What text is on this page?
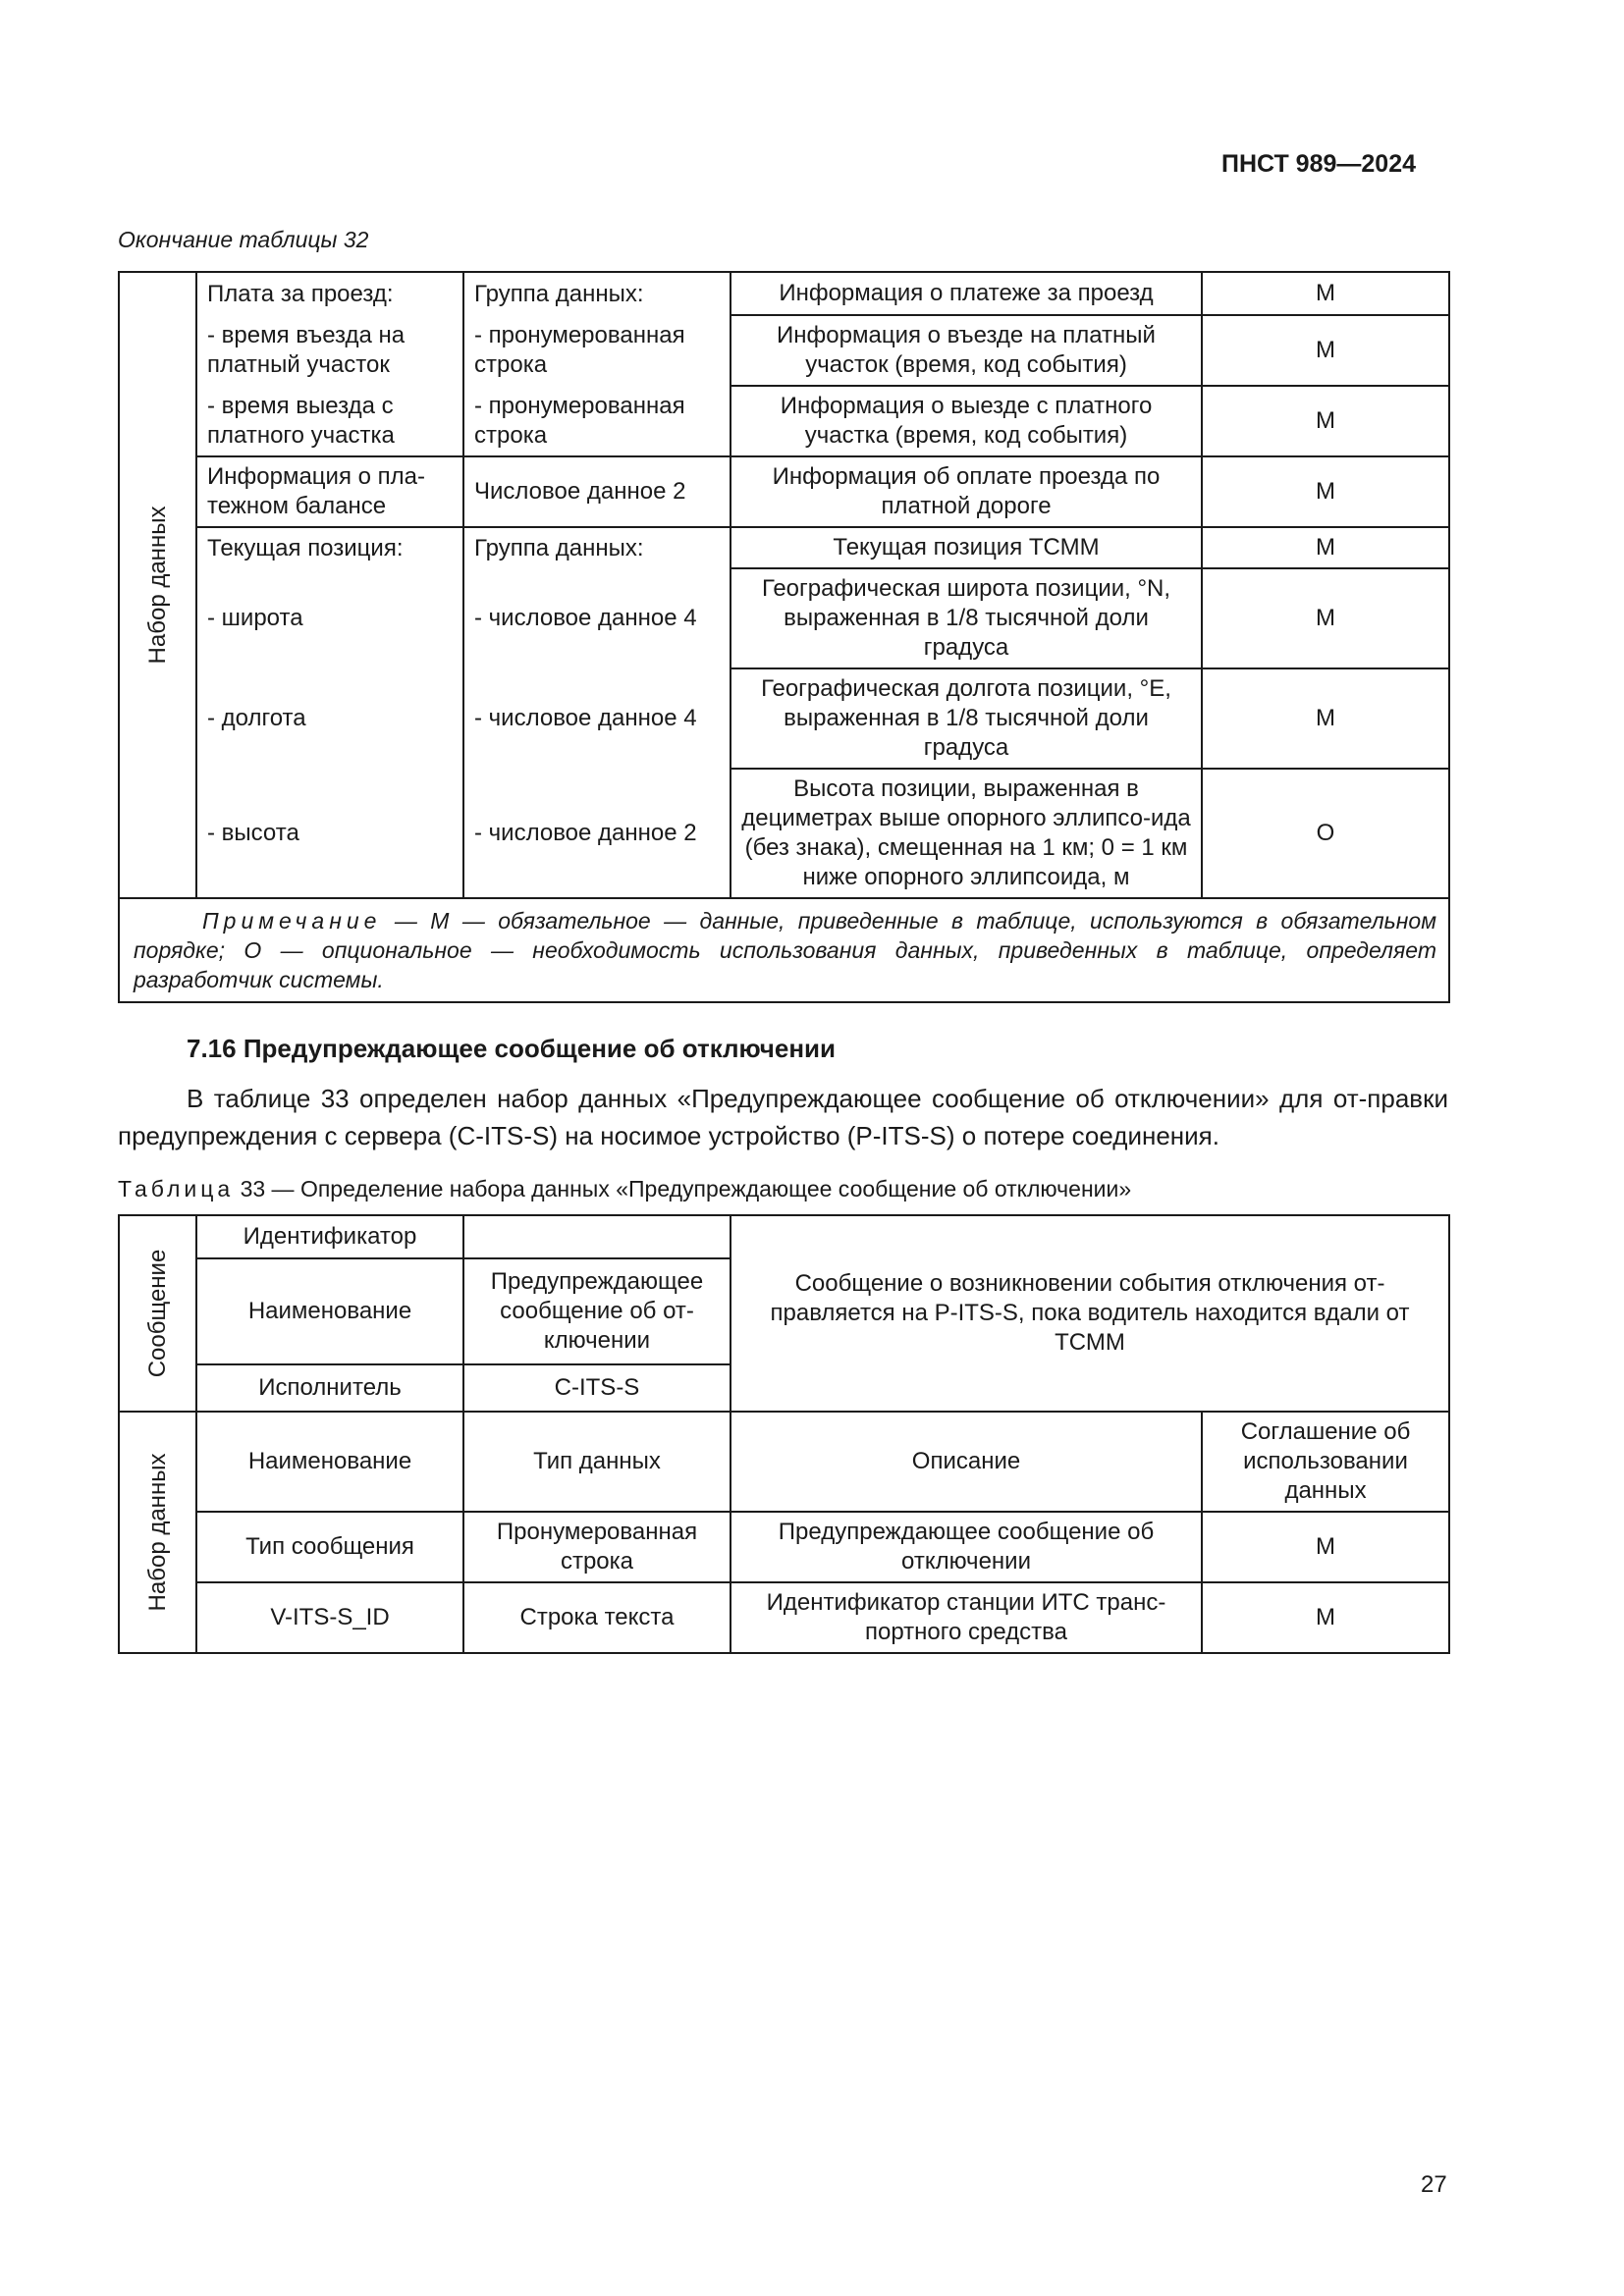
ПНСТ 989—2024
Окончание таблицы 32
Набор данных	Плата за проезд:	Группа данных:	Информация о платеже за проезд	M
	- время въезда на платный участок	- пронумерованная строка	Информация о въезде на платный участок (время, код события)	M
	- время выезда с платного участка	- пронумерованная строка	Информация о выезде с платного участка (время, код события)	M
	Информация о пла-тежном балансе	Числовое данное 2	Информация об оплате проезда по платной дороге	M
	Текущая позиция:	Группа данных:	Текущая позиция ТСММ	M
	- широта	- числовое данное 4	Географическая широта позиции, °N, выраженная в 1/8 тысячной доли градуса	M
	- долгота	- числовое данное 4	Географическая долгота позиции, °E, выраженная в 1/8 тысячной доли градуса	M
	- высота	- числовое данное 2	Высота позиции, выраженная в дециметрах выше опорного эллипсо-ида (без знака), смещенная на 1 км; 0 = 1 км ниже опорного эллипсоида, м	O
Примечание — M — обязательное — данные, приведенные в таблице, используются в обязательном порядке; O — опциональное — необходимость использования данных, приведенных в таблице, определяет разработчик системы.				
7.16 Предупреждающее сообщение об отключении
В таблице 33 определен набор данных «Предупреждающее сообщение об отключении» для от-правки предупреждения с сервера (C-ITS-S) на носимое устройство (P-ITS-S) о потере соединения.
Таблица 33 — Определение набора данных «Предупреждающее сообщение об отключении»
Сообщение	Идентификатор		Сообщение о возникновении события отключения от-правляется на P-ITS-S, пока водитель находится вдали от ТСММ	
	Наименование	Предупреждающее сообщение об от-ключении		
	Исполнитель	C-ITS-S		

Набор данных	Наименование	Тип данных	Описание	Соглашение об использовании данных
	Тип сообщения	Пронумерованная строка	Предупреждающее сообщение об отключении	M
	V-ITS-S_ID	Строка текста	Идентификатор станции ИТС транс-портного средства	M
27
